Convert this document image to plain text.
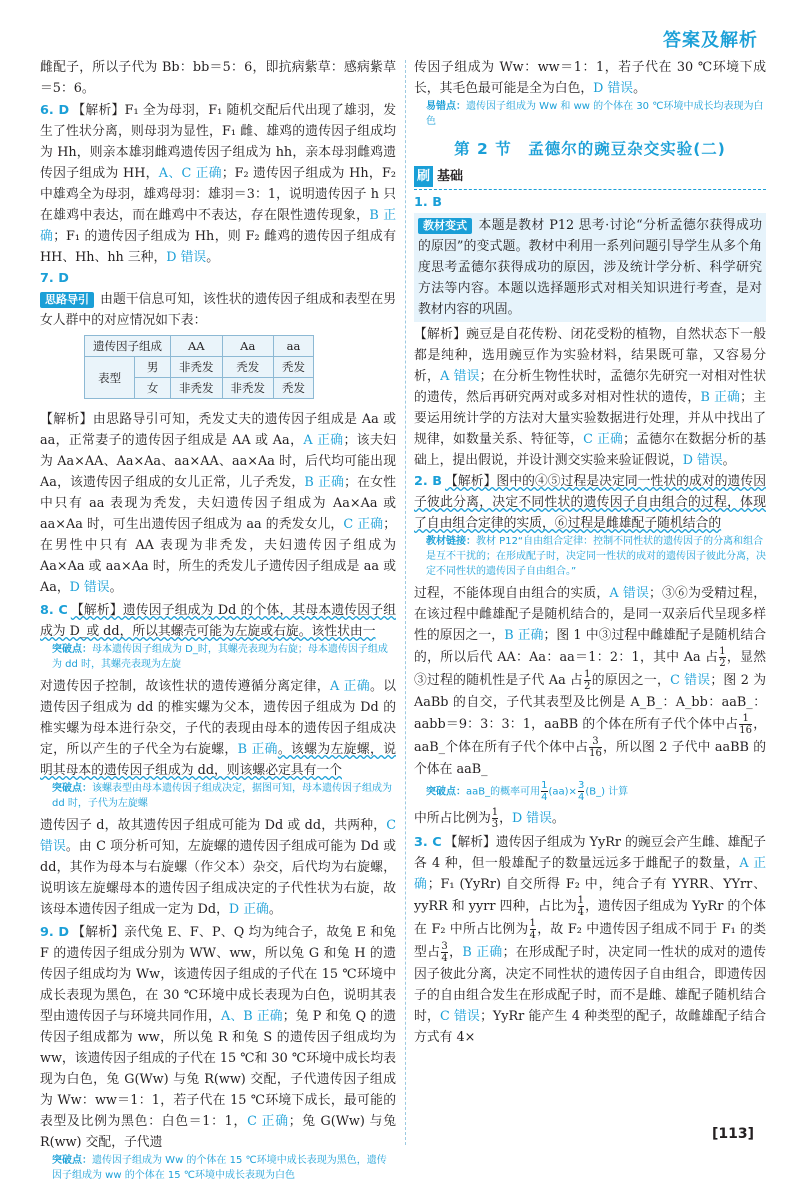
答案及解析

雌配子，所以子代为 Bb：bb＝5：6，即抗病紫草：感病紫草＝5：6。

6. D 【解析】F₁ 全为母羽，F₁ 随机交配后代出现了雄羽，发生了性状分离，则母羽为显性，F₁ 雌、雄鸡的遗传因子组成均为 Hh，则亲本雄羽雌鸡遗传因子组成为 hh，亲本母羽雌鸡遗传因子组成为 HH，A、C 正确；F₂ 遗传因子组成为 Hh，F₂ 中雄鸡全为母羽，雄鸡母羽：雄羽＝3：1，说明遗传因子 h 只在雄鸡中表达，而在雌鸡中不表达，存在限性遗传现象，B 正确；F₁ 的遗传因子组成为 Hh，则 F₂ 雌鸡的遗传因子组成有 HH、Hh、hh 三种，D 错误。

7. D

思路导引 由题干信息可知，该性状的遗传因子组成和表型在男女人群中的对应情况如下表：

遗传因子组成		AA	Aa	aa
表型	男	非秃发	秃发	秃发
	女	非秃发	非秃发	秃发

【解析】由思路导引可知，秃发丈夫的遗传因子组成是 Aa 或 aa，正常妻子的遗传因子组成是 AA 或 Aa，A 正确；该夫妇为 Aa×AA、Aa×Aa、aa×AA、aa×Aa 时，后代均可能出现 Aa，该遗传因子组成的女儿正常，儿子秃发，B 正确；在女性中只有 aa 表现为秃发，夫妇遗传因子组成为 Aa×Aa 或 aa×Aa 时，可生出遗传因子组成为 aa 的秃发女儿，C 正确；在男性中只有 AA 表现为非秃发，夫妇遗传因子组成为 Aa×Aa 或 aa×Aa 时，所生的秃发儿子遗传因子组成是 aa 或 Aa，D 错误。

8. C 【解析】遗传因子组成为 Dd 的个体，其母本遗传因子组成为 D_或 dd，所以其螺壳可能为左旋或右旋。该性状由一

突破点：母本遗传因子组成为 D_时，其螺壳表现为右旋；母本遗传因子组成为 dd 时，其螺壳表现为左旋

对遗传因子控制，故该性状的遗传遵循分离定律，A 正确。以遗传因子组成为 dd 的椎实螺为父本，遗传因子组成为 Dd 的椎实螺为母本进行杂交，子代的表现由母本的遗传因子组成决定，所以产生的子代全为右旋螺，B 正确。该螺为左旋螺，说明其母本的遗传因子组成为 dd，则该螺必定具有一个

突破点：该螺表型由母本遗传因子组成决定，据图可知，母本遗传因子组成为 dd 时，子代为左旋螺

遗传因子 d，故其遗传因子组成可能为 Dd 或 dd，共两种，C 错误。由 C 项分析可知，左旋螺的遗传因子组成可能为 Dd 或 dd，其作为母本与右旋螺（作父本）杂交，后代均为右旋螺，说明该左旋螺母本的遗传因子组成决定的子代性状为右旋，故该母本遗传因子组成一定为 Dd，D 正确。

9. D 【解析】亲代兔 E、F、P、Q 均为纯合子，故兔 E 和兔 F 的遗传因子组成分别为 WW、ww，所以兔 G 和兔 H 的遗传因子组成均为 Ww，该遗传因子组成的子代在 15 ℃环境中成长表现为黑色，在 30 ℃环境中成长表现为白色，说明其表型由遗传因子与环境共同作用，A、B 正确；兔 P 和兔 Q 的遗传因子组成都为 ww，所以兔 R 和兔 S 的遗传因子组成均为 ww，该遗传因子组成的子代在 15 ℃和 30 ℃环境中成长均表现为白色，兔 G(Ww) 与兔 R(ww) 交配，子代遗传因子组成为 Ww：ww＝1：1，若子代在 15 ℃环境下成长，最可能的表型及比例为黑色：白色＝1：1，C 正确；兔 G(Ww) 与兔 R(ww) 交配，子代遗

突破点：遗传因子组成为 Ww 的个体在 15 ℃环境中成长表现为黑色，遗传因子组成为 ww 的个体在 15 ℃环境中成长表现为白色

传因子组成为 Ww：ww＝1：1，若子代在 30 ℃环境下成长，其毛色最可能是全为白色，D 错误。

易错点：遗传因子组成为 Ww 和 ww 的个体在 30 ℃环境中成长均表现为白色
第 2 节　孟德尔的豌豆杂交实验(二)
刷 基础

1. B

教材变式 本题是教材 P12 思考·讨论“分析孟德尔获得成功的原因”的变式题。教材中利用一系列问题引导学生从多个角度思考孟德尔获得成功的原因，涉及统计学分析、科学研究方法等内容。本题以选择题形式对相关知识进行考查，是对教材内容的巩固。

【解析】豌豆是自花传粉、闭花受粉的植物，自然状态下一般都是纯种，选用豌豆作为实验材料，结果既可靠，又容易分析，A 错误；在分析生物性状时，孟德尔先研究一对相对性状的遗传，然后再研究两对或多对相对性状的遗传，B 正确；主要运用统计学的方法对大量实验数据进行处理，并从中找出了规律，如数量关系、特征等，C 正确；孟德尔在数据分析的基础上，提出假说，并设计测交实验来验证假说，D 错误。

2. B 【解析】图中的④⑤过程是决定同一性状的成对的遗传因子彼此分离，决定不同性状的遗传因子自由组合的过程，体现了自由组合定律的实质，⑥过程是雌雄配子随机结合的

教材链接：教材 P12“自由组合定律：控制不同性状的遗传因子的分离和组合是互不干扰的；在形成配子时，决定同一性状的成对的遗传因子彼此分离，决定不同性状的遗传因子自由组合。”

过程，不能体现自由组合的实质，A 错误；③⑥为受精过程，在该过程中雌雄配子是随机结合的，是同一双亲后代呈现多样性的原因之一，B 正确；图 1 中③过程中雌雄配子是随机结合的，所以后代 AA：Aa：aa＝1：2：1，其中 Aa 占 $\frac{1}{2}$ ，显然③过程的随机性是子代 Aa 占 $\frac{1}{2}$ 的原因之一，C 错误；图 2 为 AaBb 的自交，子代其表型及比例是 A_B_：A_bb：aaB_：aabb＝9：3：3：1，aaBB 的个体在所有子代个体中占 $\frac{1}{16}$ ，aaB_个体在所有子代个体中占 $\frac{3}{16}$ ，所以图 2 子代中 aaBB 的个体在 aaB_

突破点：aaB_的概率可用 $\frac{1}{4} (aa)\times \frac{3}{4}$ (B_) 计算

中所占比例为 $\frac{1}{3}$ ，D 错误。

3. C 【解析】遗传因子组成为 YyRr 的豌豆会产生雌、雄配子各 4 种，但一般雄配子的数量远远多于雌配子的数量，A 正确；F₁ (YyRr) 自交所得 F₂ 中，纯合子有 YYRR、YYrr、yyRR 和 yyrr 四种，占比为 $\frac{1}{4}$ ，遗传因子组成为 YyRr 的个体在 F₂ 中所占比例为 $\frac{1}{4}$ ，故 F₂ 中遗传因子组成不同于 F₁ 的类型占 $\frac{3}{4}$ ，B 正确；在形成配子时，决定同一性状的成对的遗传因子彼此分离，决定不同性状的遗传因子自由组合，即遗传因子的自由组合发生在形成配子时，而不是雌、雄配子随机结合时，C 错误；YyRr 能产生 4 种类型的配子，故雌雄配子结合方式有 4×

[113]
